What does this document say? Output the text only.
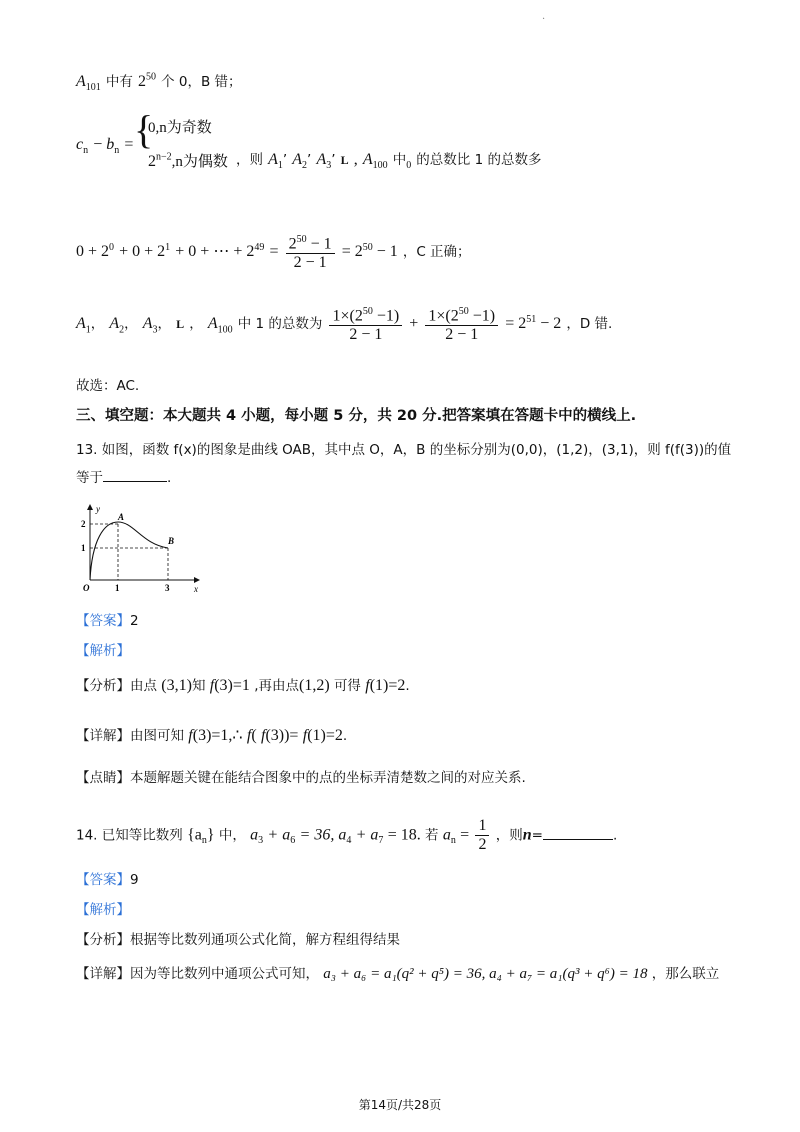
·
$A_{101}$ 中有 $2^{50}$ 个 0，B 错；
$c_n - b_n$ = {
0,n为奇数
$2^{n-2},n$为偶数 ，则 $A_1$’ $A_2$’ $A_3$’ L , $A_{100}$ 中$_0$ 的总数比 1 的总数多
$0 + 2^0 + 0 + 2^1 + 0$ + ⋯ + $2^{49} = \frac{2^{50} - 1}{2 - 1} = 2^{50} - 1$ ，C 正确；
$A_1$， $A_2$， $A_3$， L ， $A_{100}$ 中 1 的总数为 $\frac{1\times(2^{50} -1)}{2 - 1} + \frac{1\times(2^{50} -1)}{2 - 1} = 2^{51} - 2$ ，D 错.
故选：AC.
三、填空题：本大题共 4 小题，每小题 5 分，共 20 分.把答案填在答题卡中的横线上.
13. 如图，函数 f(x)的图象是曲线 OAB，其中点 O，A，B 的坐标分别为(0,0)，(1,2)，(3,1)，则 f(f(3))的值
等于	.
y
x
O	1	3
1
2
A
B
【答案】2
【解析】
【分析】由点 (3,1)知 f(3)=1 ,再由点(1,2) 可得 f(1)=2.
【详解】由图可知 f(3)=1,∴ f( f(3))= f(1)=2.
【点睛】本题解题关键在能结合图象中的点的坐标弄清楚数之间的对应关系.
14. 已知等比数列 $\{a_n\}$ 中， $a_3 + a_6 = 36$, $a_4 + a_7 = 18$. 若 $a_n = \frac{1}{2}$ ，则n=	.
【答案】9
【解析】
【分析】根据等比数列通项公式化简，解方程组得结果
【详解】因为等比数列中通项公式可知， a₃ + a₆ = a₁(q² + q⁵) = 36, a₄ + a₇ = a₁(q³ + q⁶) = 18 ，那么联立
第14页/共28页
